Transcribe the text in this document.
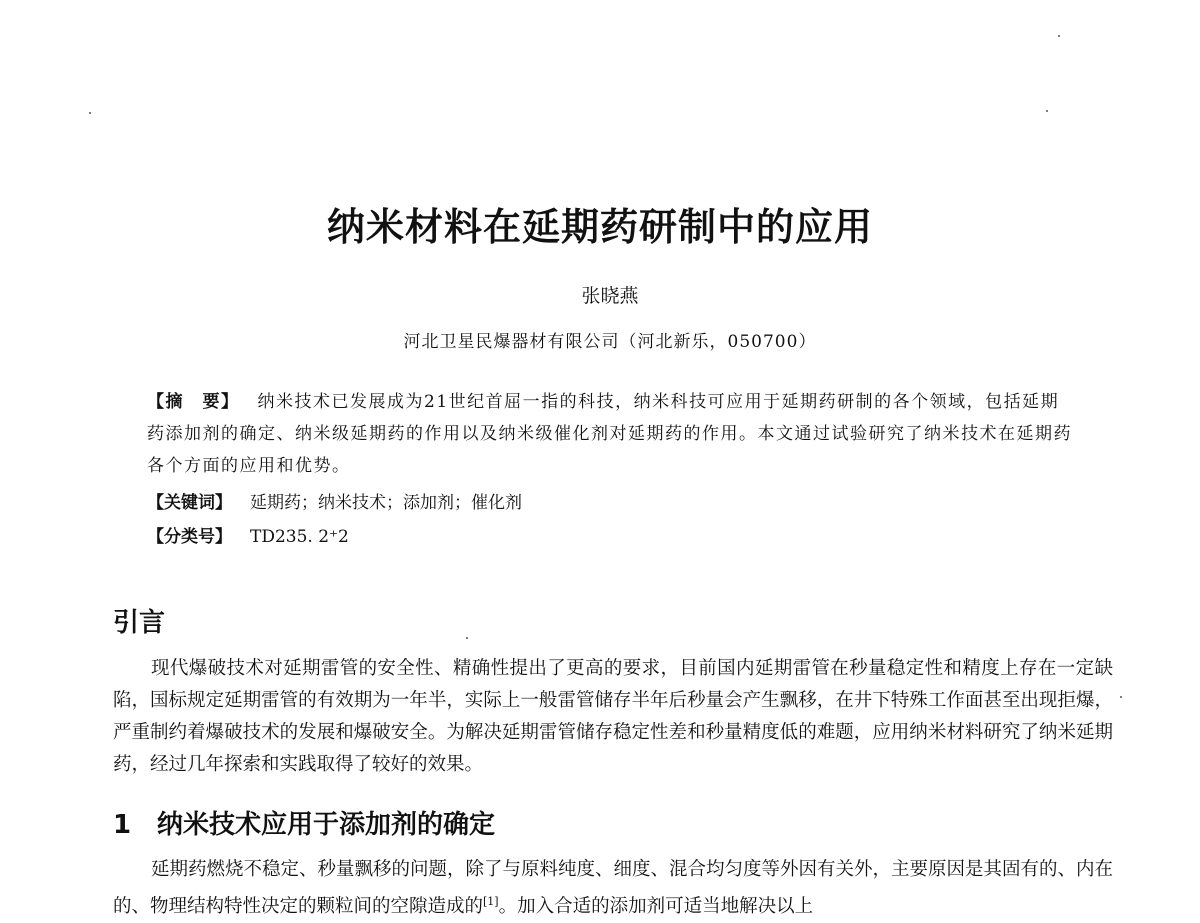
纳米材料在延期药研制中的应用
张晓燕
河北卫星民爆器材有限公司（河北新乐，050700）
【摘　要】 纳米技术已发展成为21世纪首屈一指的科技，纳米科技可应用于延期药研制的各个领域，包括延期药添加剂的确定、纳米级延期药的作用以及纳米级催化剂对延期药的作用。本文通过试验研究了纳米技术在延期药各个方面的应用和优势。
【关键词】 延期药；纳米技术；添加剂；催化剂
【分类号】 TD235. 2⁺2
引言
现代爆破技术对延期雷管的安全性、精确性提出了更高的要求，目前国内延期雷管在秒量稳定性和精度上存在一定缺陷，国标规定延期雷管的有效期为一年半，实际上一般雷管储存半年后秒量会产生飘移，在井下特殊工作面甚至出现拒爆，严重制约着爆破技术的发展和爆破安全。为解决延期雷管储存稳定性差和秒量精度低的难题，应用纳米材料研究了纳米延期药，经过几年探索和实践取得了较好的效果。
1 纳米技术应用于添加剂的确定
延期药燃烧不稳定、秒量飘移的问题，除了与原料纯度、细度、混合均匀度等外因有关外，主要原因是其固有的、内在的、物理结构特性决定的颗粒间的空隙造成的[1]。加入合适的添加剂可适当地解决以上
